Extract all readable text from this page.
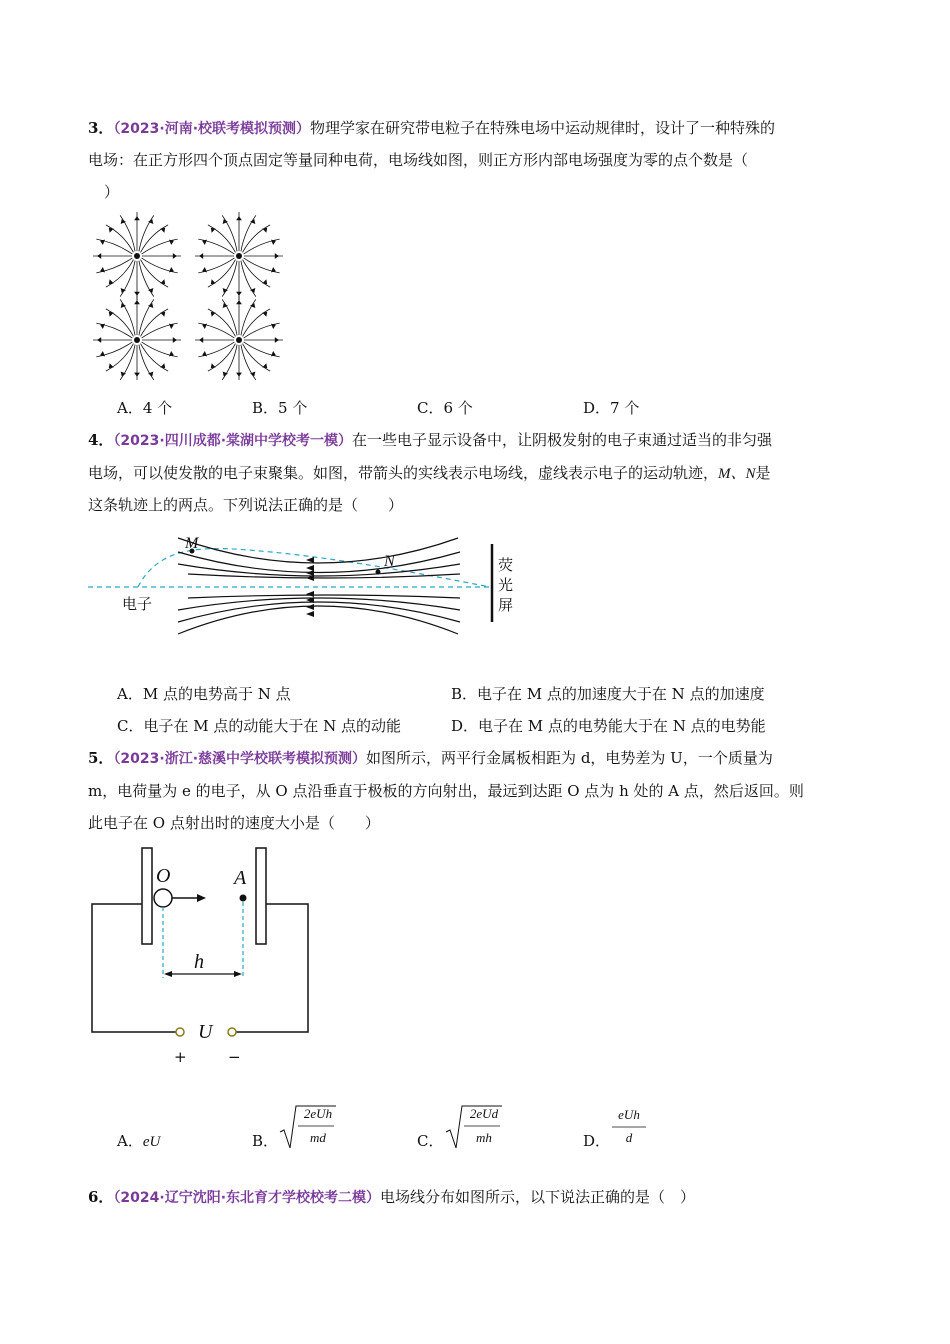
3．（2023·河南·校联考模拟预测）物理学家在研究带电粒子在特殊电场中运动规律时，设计了一种特殊的
电场：在正方形四个顶点固定等量同种电荷，电场线如图，则正方形内部电场强度为零的点个数是（
）
A．4 个	B．5 个	C．6 个	D．7 个
4．（2023·四川成都·棠湖中学校考一模）在一些电子显示设备中，让阴极发射的电子束通过适当的非匀强
电场，可以使发散的电子束聚集。如图，带箭头的实线表示电场线，虚线表示电子的运动轨迹，M、N是
这条轨迹上的两点。下列说法正确的是（　　）
M
N
电子
荧
光
屏
A．M 点的电势高于 N 点	B．电子在 M 点的加速度大于在 N 点的加速度
C．电子在 M 点的动能大于在 N 点的动能	D．电子在 M 点的电势能大于在 N 点的电势能
5．（2023·浙江·慈溪中学校联考模拟预测）如图所示，两平行金属板相距为 d，电势差为 U，一个质量为
m，电荷量为 e 的电子，从 O 点沿垂直于极板的方向射出，最远到达距 O 点为 h 处的 A 点，然后返回。则
此电子在 O 点射出时的速度大小是（　　）
O	A
h
U
+	−
A．eU	B．
2eUh
md	C．
2eUd
mh	D．
eUh
d
6．（2024·辽宁沈阳·东北育才学校校考二模）电场线分布如图所示，以下说法正确的是（　）
